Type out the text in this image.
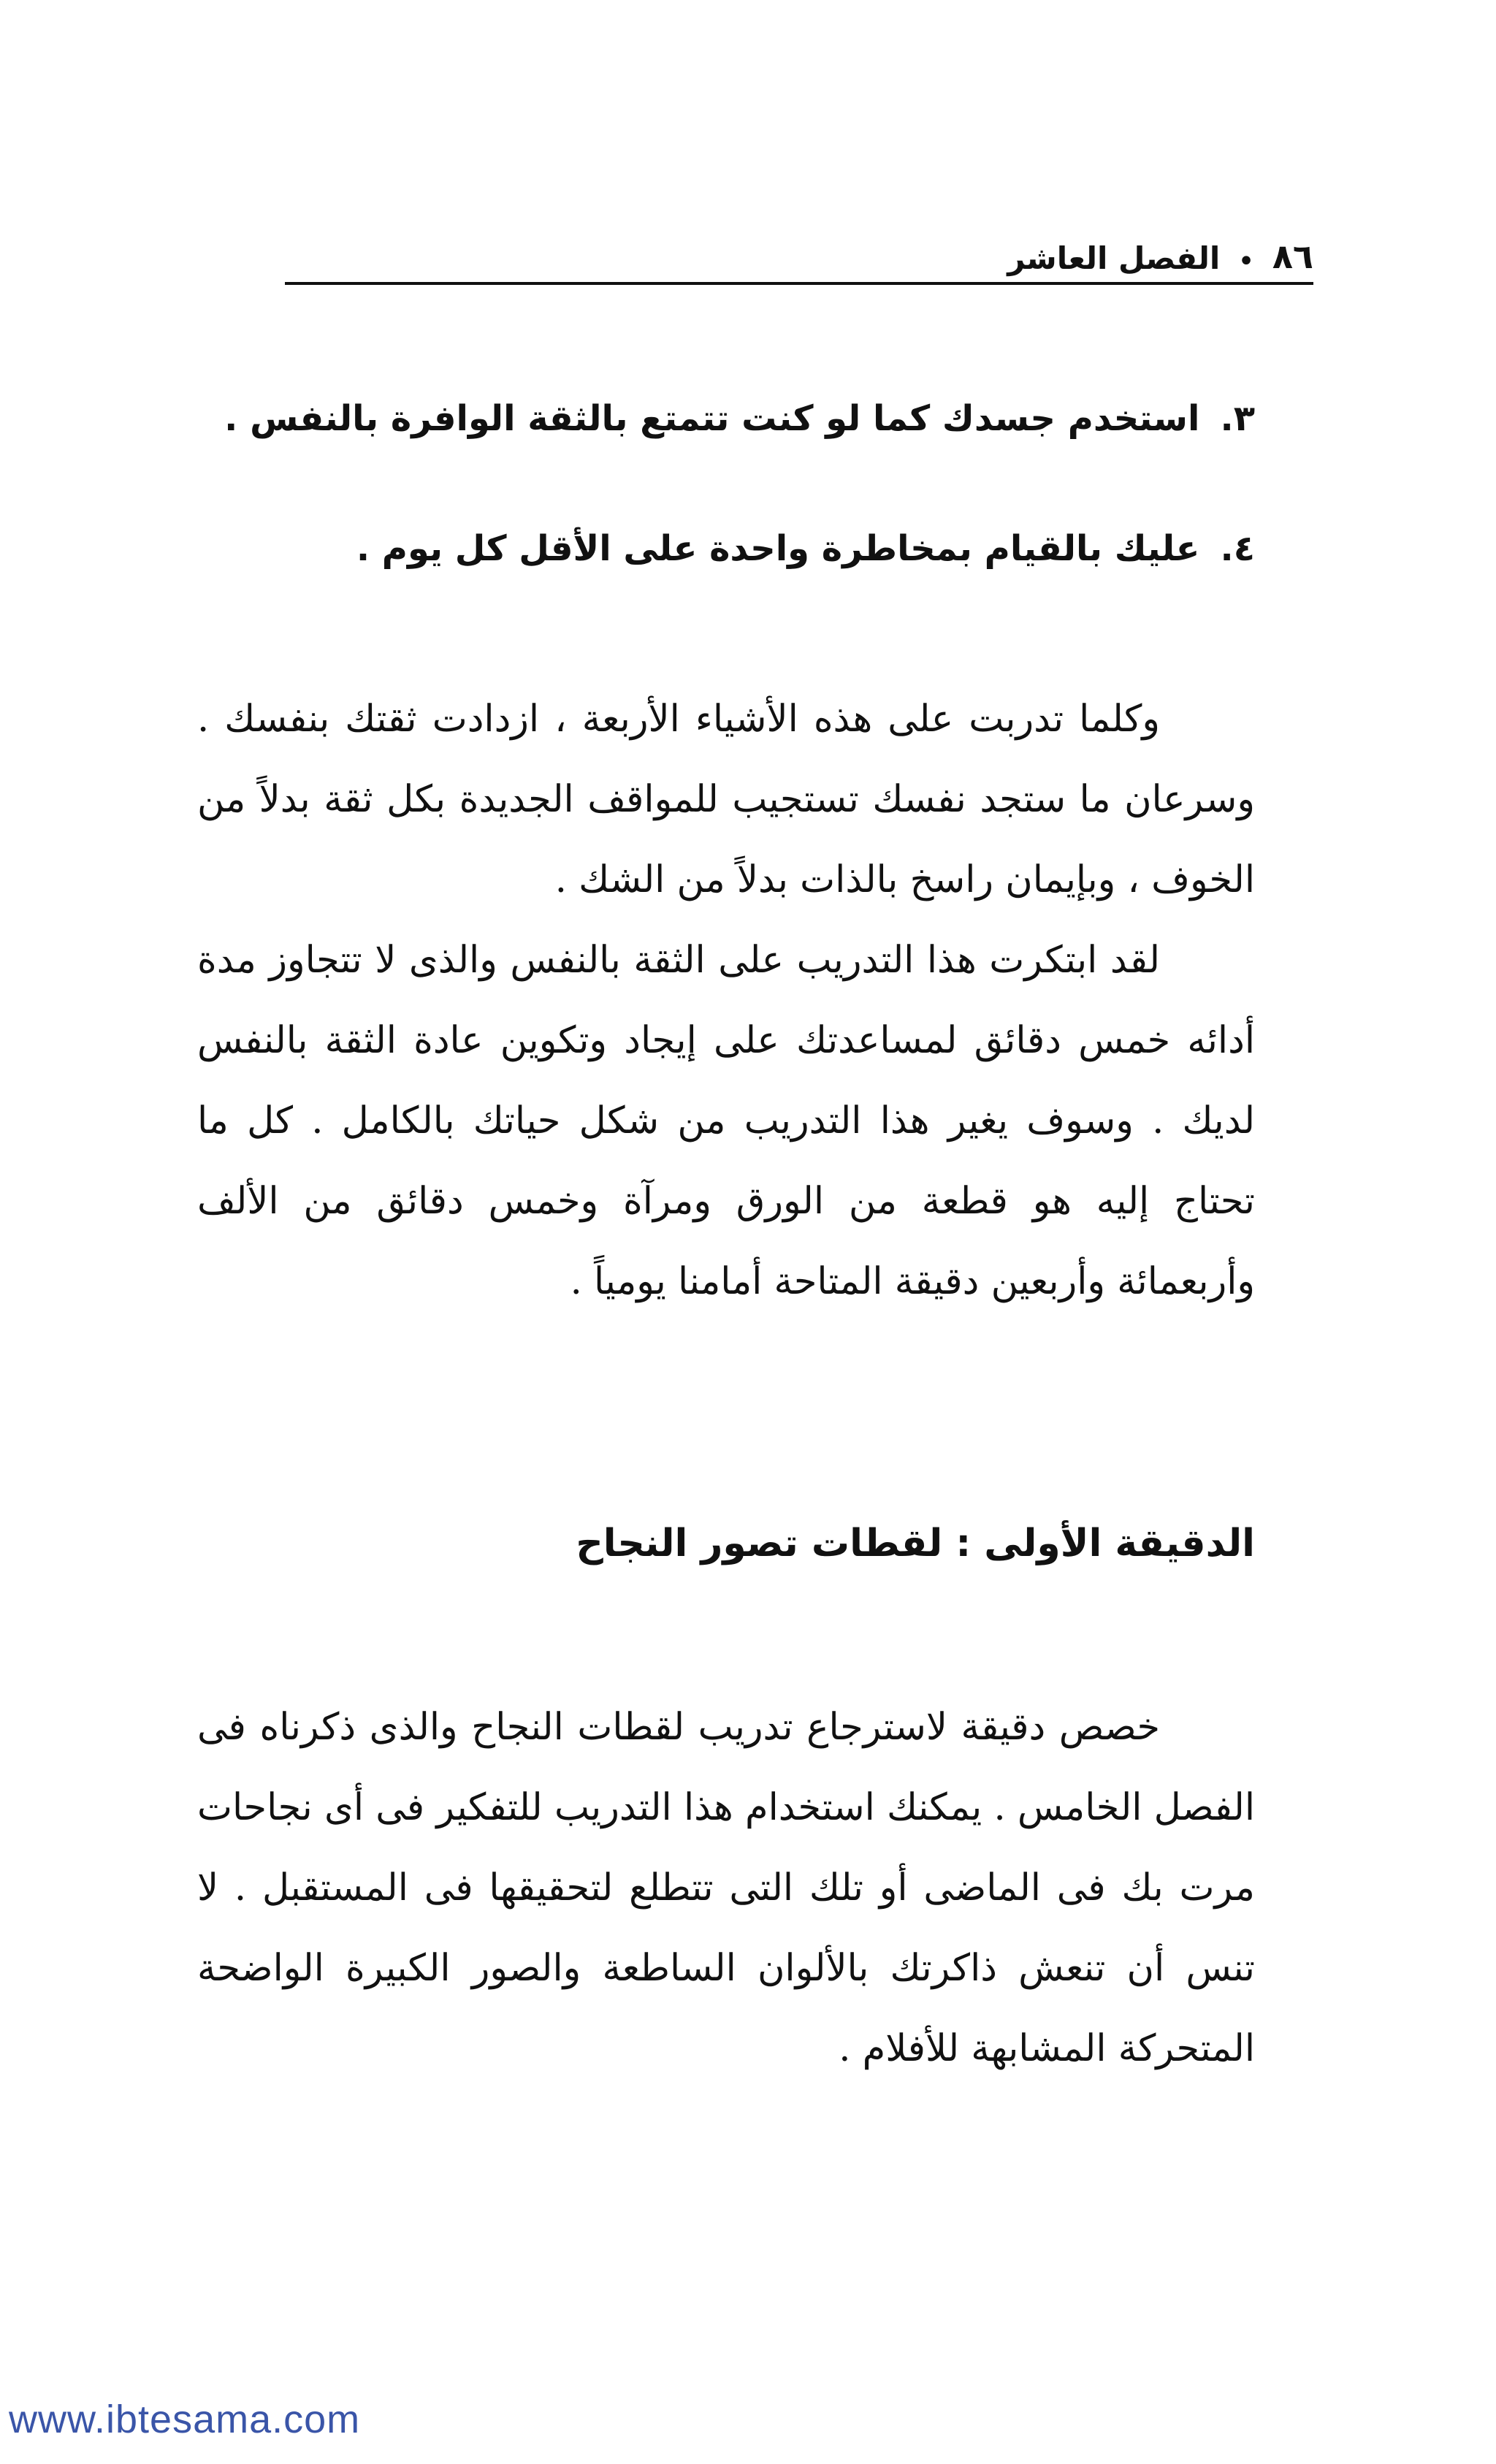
٨٦
•
الفصل العاشر
٣.
استخدم جسدك كما لو كنت تتمتع بالثقة الوافرة بالنفس .
٤.
عليك بالقيام بمخاطرة واحدة على الأقل كل يوم .

وكلما تدربت على هذه الأشياء الأربعة ، ازدادت ثقتك بنفسك . وسرعان ما ستجد نفسك تستجيب للمواقف الجديدة بكل ثقة بدلاً من الخوف ، وبإيمان راسخ بالذات بدلاً من الشك .

لقد ابتكرت هذا التدريب على الثقة بالنفس والذى لا تتجاوز مدة أدائه خمس دقائق لمساعدتك على إيجاد وتكوين عادة الثقة بالنفس لديك . وسوف يغير هذا التدريب من شكل حياتك بالكامل . كل ما تحتاج إليه هو قطعة من الورق ومرآة وخمس دقائق من الألف وأربعمائة وأربعين دقيقة المتاحة أمامنا يومياً .

الدقيقة الأولى : لقطات تصور النجاح

خصص دقيقة لاسترجاع تدريب لقطات النجاح والذى ذكرناه فى الفصل الخامس . يمكنك استخدام هذا التدريب للتفكير فى أى نجاحات مرت بك فى الماضى أو تلك التى تتطلع لتحقيقها فى المستقبل . لا تنس أن تنعش ذاكرتك بالألوان الساطعة والصور الكبيرة الواضحة المتحركة المشابهة للأفلام .

www.ibtesama.com
